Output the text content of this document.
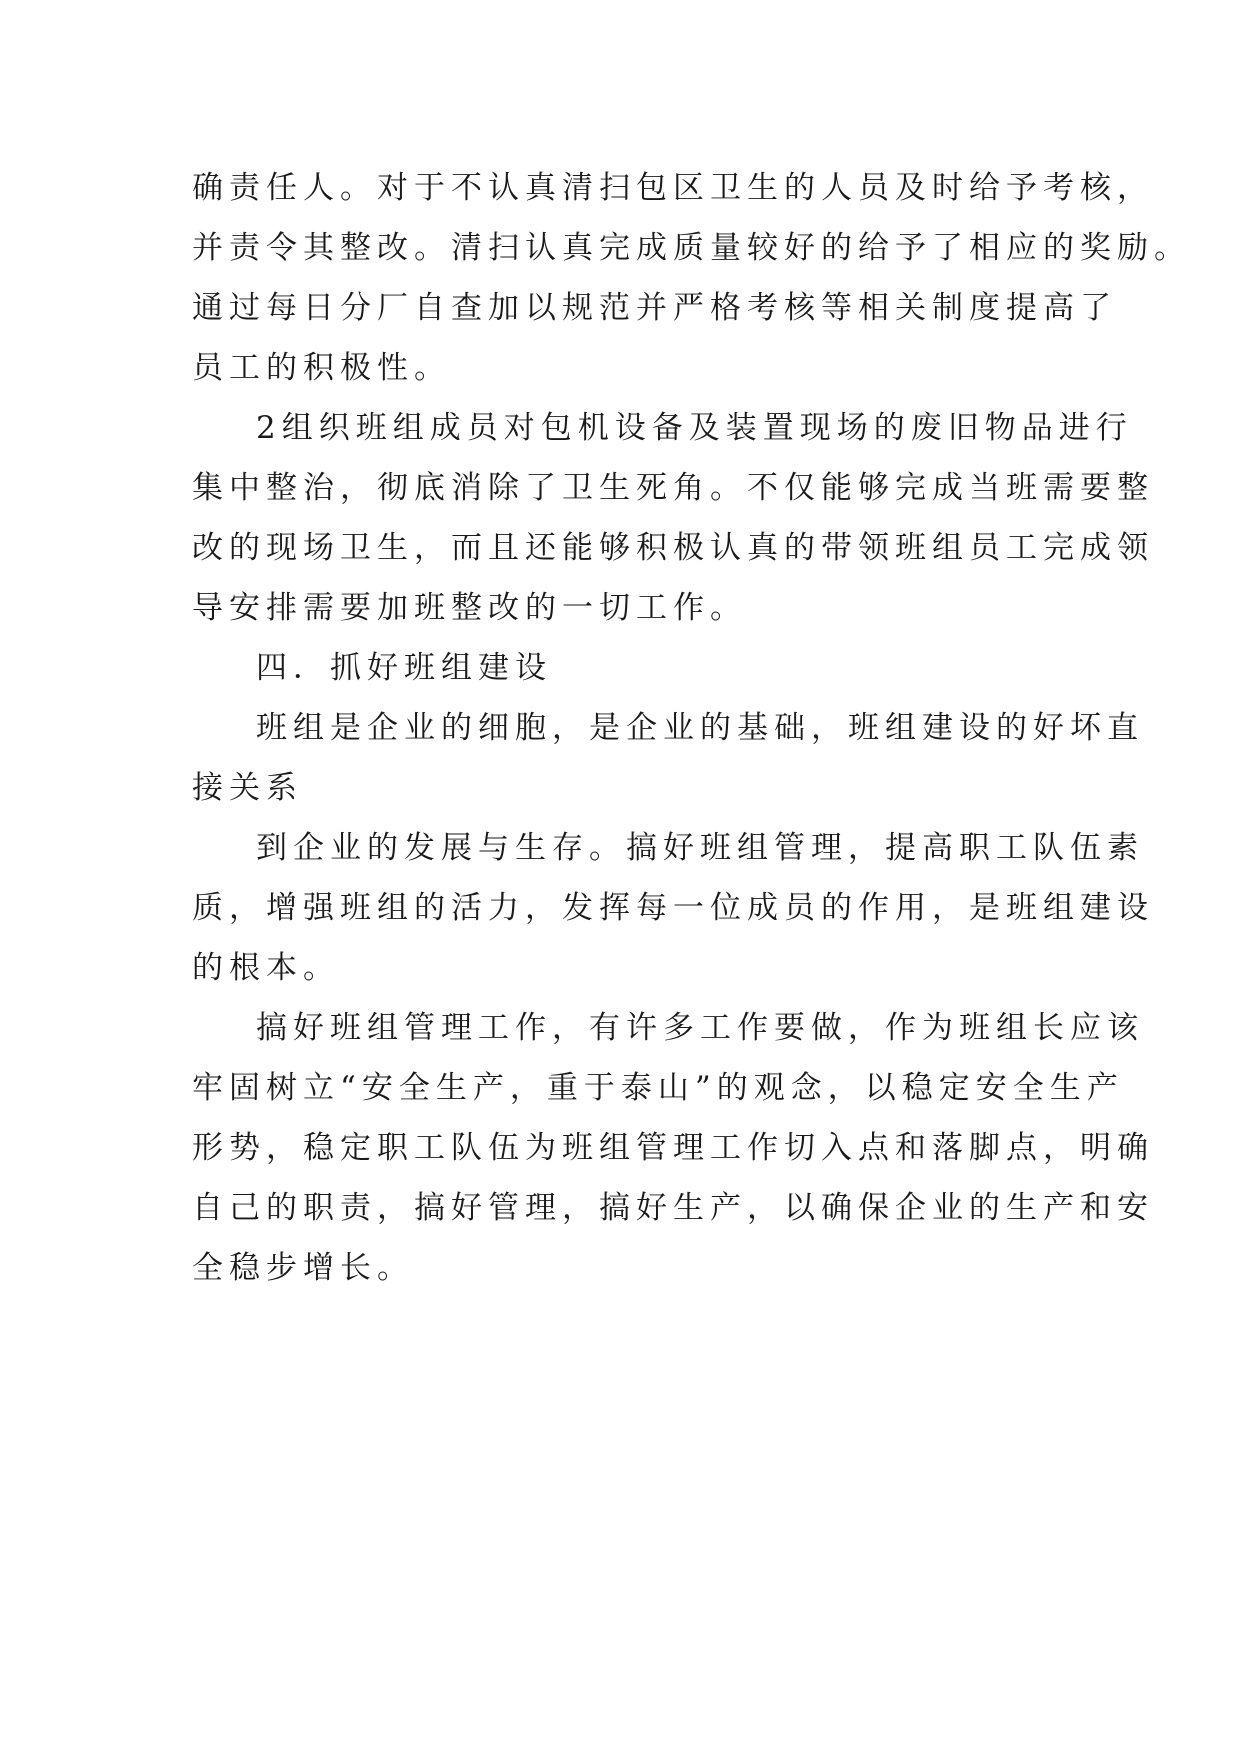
确责任人。对于不认真清扫包区卫生的人员及时给予考核，
并责令其整改。清扫认真完成质量较好的给予了相应的奖励。
通过每日分厂自查加以规范并严格考核等相关制度提高了
员工的积极性。
2组织班组成员对包机设备及装置现场的废旧物品进行
集中整治，彻底消除了卫生死角。不仅能够完成当班需要整
改的现场卫生，而且还能够积极认真的带领班组员工完成领
导安排需要加班整改的一切工作。
四．抓好班组建设
班组是企业的细胞，是企业的基础，班组建设的好坏直
接关系
到企业的发展与生存。搞好班组管理，提高职工队伍素
质，增强班组的活力，发挥每一位成员的作用，是班组建设
的根本。
搞好班组管理工作，有许多工作要做，作为班组长应该
牢固树立“安全生产，重于泰山”的观念，以稳定安全生产
形势，稳定职工队伍为班组管理工作切入点和落脚点，明确
自己的职责，搞好管理，搞好生产，以确保企业的生产和安
全稳步增长。
